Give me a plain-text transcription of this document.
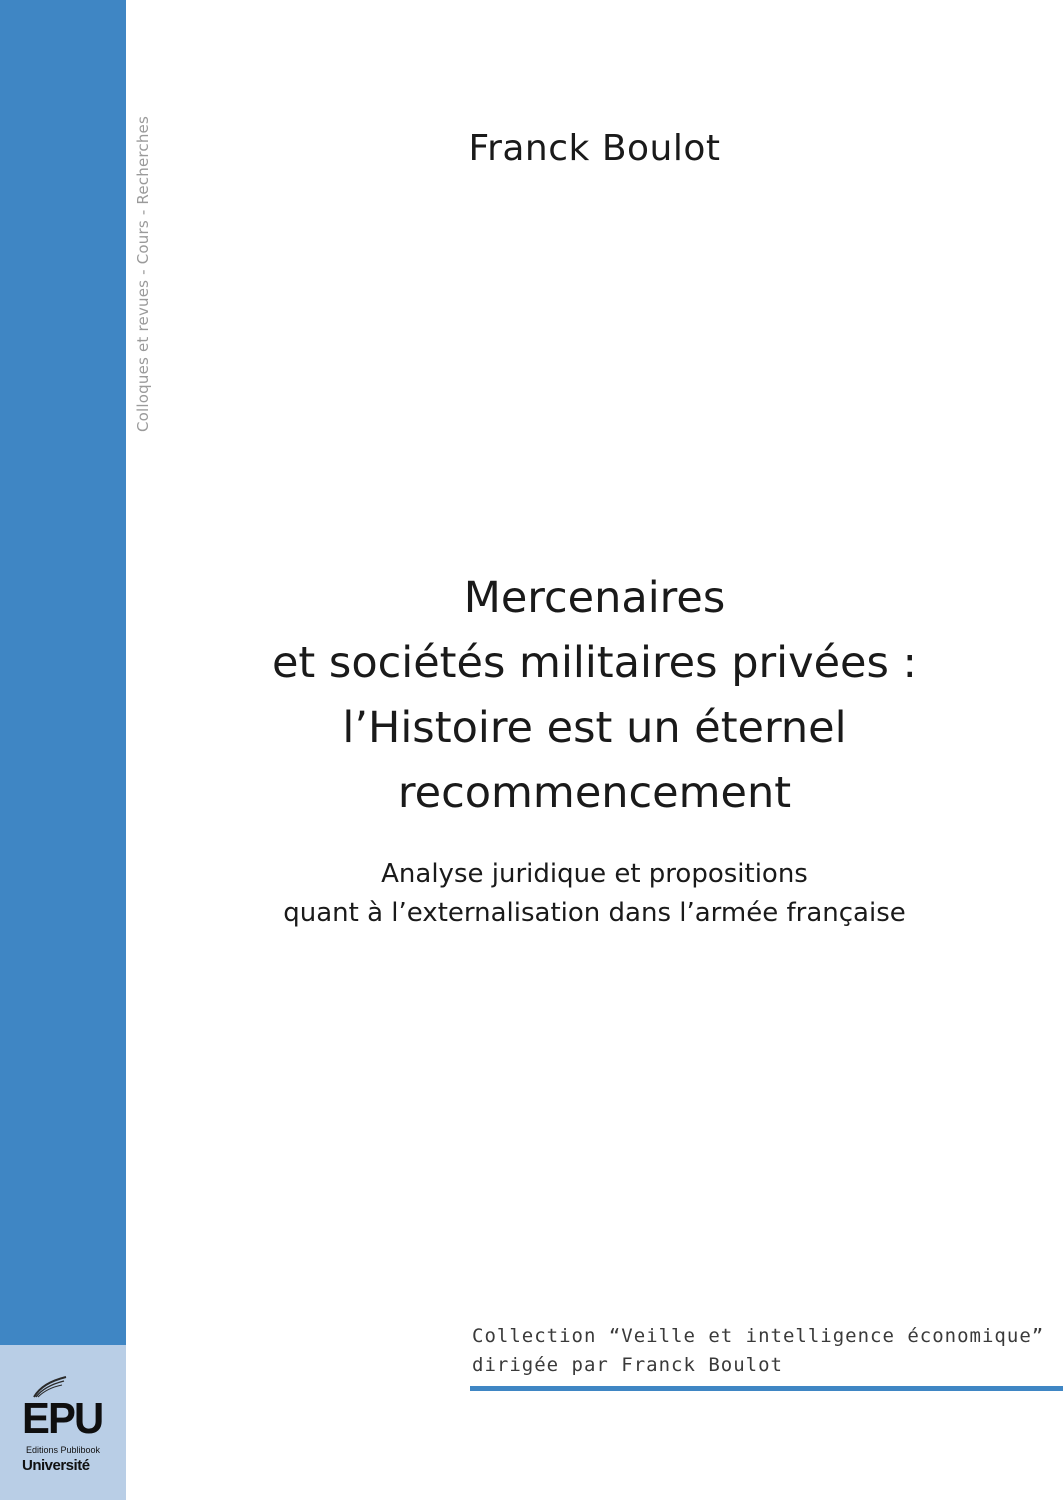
Colloques et revues - Cours - Recherches	Franck Boulot
Mercenaires
et sociétés militaires privées :
l’Histoire est un éternel
recommencement
Analyse juridique et propositions
quant à l’externalisation dans l’armée française
Collection “Veille et intelligence économique”
dirigée par Franck Boulot
EPU
Editions Publibook
Université
